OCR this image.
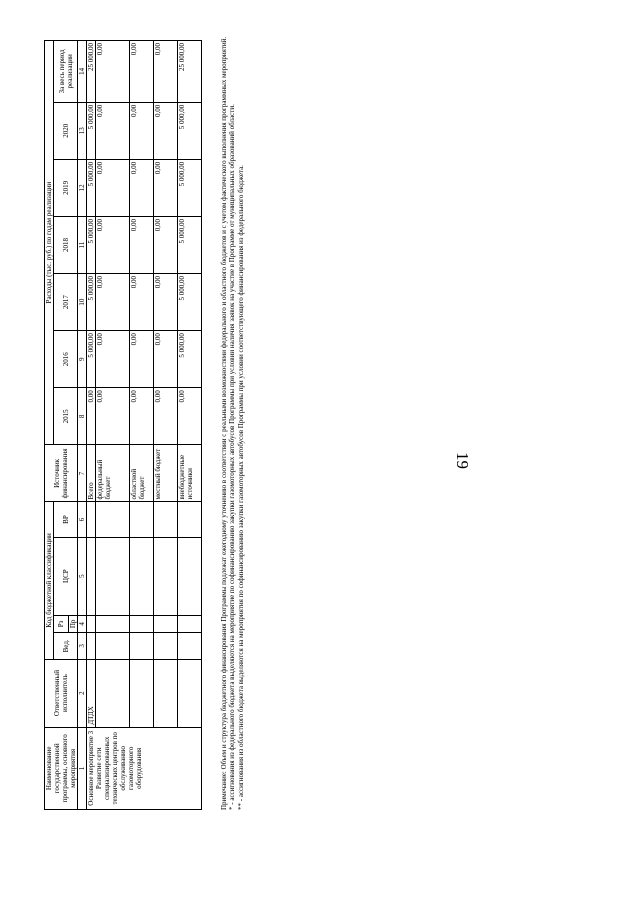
19
Наименование государственной программы, основного мероприятия	Ответственный исполнитель	Код бюджетной классификации				Источник финансирования	Расходы (тыс. руб.) по годам реализации						
		Вед.	Рз	ЦСР	ВР		2015	2016	2017	2018	2019	2020	За весь период реализации
			Пр										
1	2	3	4	5	6	7	8	9	10	11	12	13	14
Основное мероприятие 3 Развитие сети специализированных технических центров по обслуживанию газомоторного оборудования	ДТДХ					Всего	0,00	5 000,00	5 000,00	5 000,00	5 000,00	5 000,00	25 000,00
						федеральный бюджет	0,00	0,00	0,00	0,00	0,00	0,00	0,00
						областной бюджет	0,00	0,00	0,00	0,00	0,00	0,00	0,00
						местный бюджет	0,00	0,00	0,00	0,00	0,00	0,00	0,00
						внебюджетные источники	0,00	5 000,00	5 000,00	5 000,00	5 000,00	5 000,00	25 000,00	Примечание: Объем и структура бюджетного финансирования Программы подлежат ежегодному уточнению в соответствии с реальными возможностями федерального и областного бюджетов и с учетом фактического выполнения программных мероприятий. * - ассигнования из федерального бюджета выделяются на мероприятие по софинансированию закупки газомоторных автобусов Программы при условии наличия заявок на участие в Программе от муниципальных образований области. ** - ассигнования из областного бюджета выделяются на мероприятия по софинансированию закупки газомоторных автобусов Программы при условии соответствующего финансирования из федерального бюджета.
